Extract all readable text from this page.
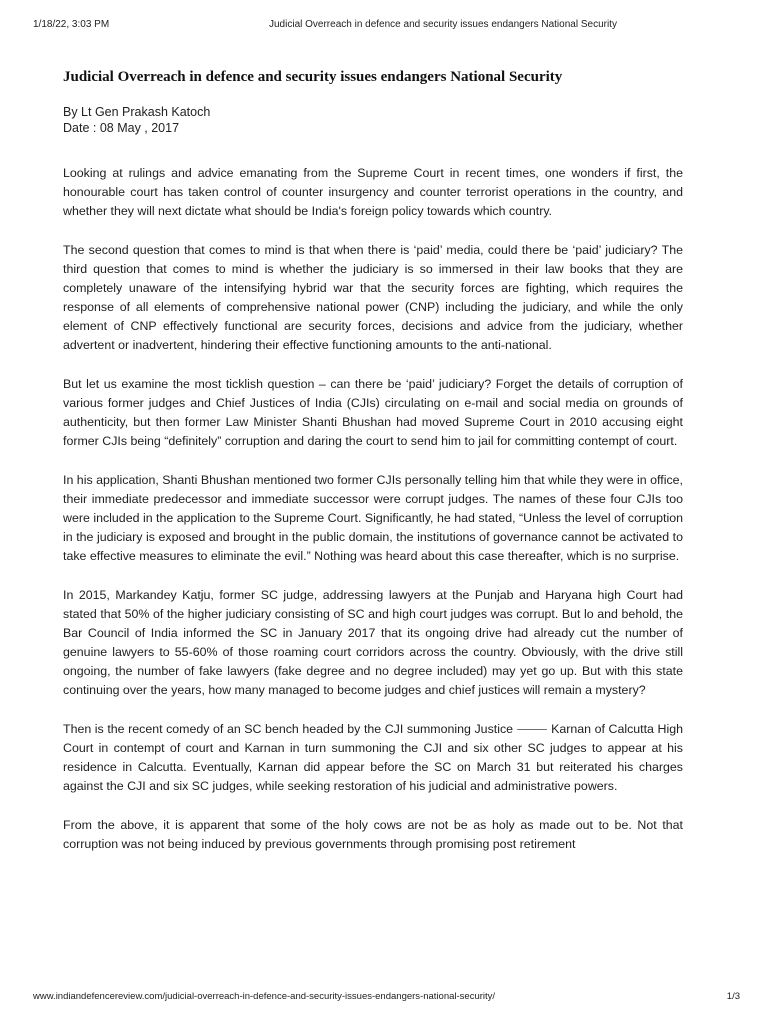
1/18/22, 3:03 PM	Judicial Overreach in defence and security issues endangers National Security
Judicial Overreach in defence and security issues endangers National Security
By Lt Gen Prakash Katoch
Date : 08 May , 2017

Looking at rulings and advice emanating from the Supreme Court in recent times, one wonders if first, the honourable court has taken control of counter insurgency and counter terrorist operations in the country, and whether they will next dictate what should be India's foreign policy towards which country.

The second question that comes to mind is that when there is ‘paid’ media, could there be ‘paid’ judiciary? The third question that comes to mind is whether the judiciary is so immersed in their law books that they are completely unaware of the intensifying hybrid war that the security forces are fighting, which requires the response of all elements of comprehensive national power (CNP) including the judiciary, and while the only element of CNP effectively functional are security forces, decisions and advice from the judiciary, whether advertent or inadvertent, hindering their effective functioning amounts to the anti-national.

But let us examine the most ticklish question – can there be ‘paid’ judiciary? Forget the details of corruption of various former judges and Chief Justices of India (CJIs) circulating on e-mail and social media on grounds of authenticity, but then former Law Minister Shanti Bhushan had moved Supreme Court in 2010 accusing eight former CJIs being “definitely” corruption and daring the court to send him to jail for committing contempt of court.

In his application, Shanti Bhushan mentioned two former CJIs personally telling him that while they were in office, their immediate predecessor and immediate successor were corrupt judges. The names of these four CJIs too were included in the application to the Supreme Court. Significantly, he had stated, “Unless the level of corruption in the judiciary is exposed and brought in the public domain, the institutions of governance cannot be activated to take effective measures to eliminate the evil.” Nothing was heard about this case thereafter, which is no surprise.

In 2015, Markandey Katju, former SC judge, addressing lawyers at the Punjab and Haryana high Court had stated that 50% of the higher judiciary consisting of SC and high court judges was corrupt. But lo and behold, the Bar Council of India informed the SC in January 2017 that its ongoing drive had already cut the number of genuine lawyers to 55-60% of those roaming court corridors across the country. Obviously, with the drive still ongoing, the number of fake lawyers (fake degree and no degree included) may yet go up. But with this state continuing over the years, how many managed to become judges and chief justices will remain a mystery?

Then is the recent comedy of an SC bench headed by the CJI summoning Justice ⸻ Karnan of Calcutta High Court in contempt of court and Karnan in turn summoning the CJI and six other SC judges to appear at his residence in Calcutta. Eventually, Karnan did appear before the SC on March 31 but reiterated his charges against the CJI and six SC judges, while seeking restoration of his judicial and administrative powers.

From the above, it is apparent that some of the holy cows are not be as holy as made out to be. Not that corruption was not being induced by previous governments through promising post retirement

www.indiandefencereview.com/judicial-overreach-in-defence-and-security-issues-endangers-national-security/	1/3
